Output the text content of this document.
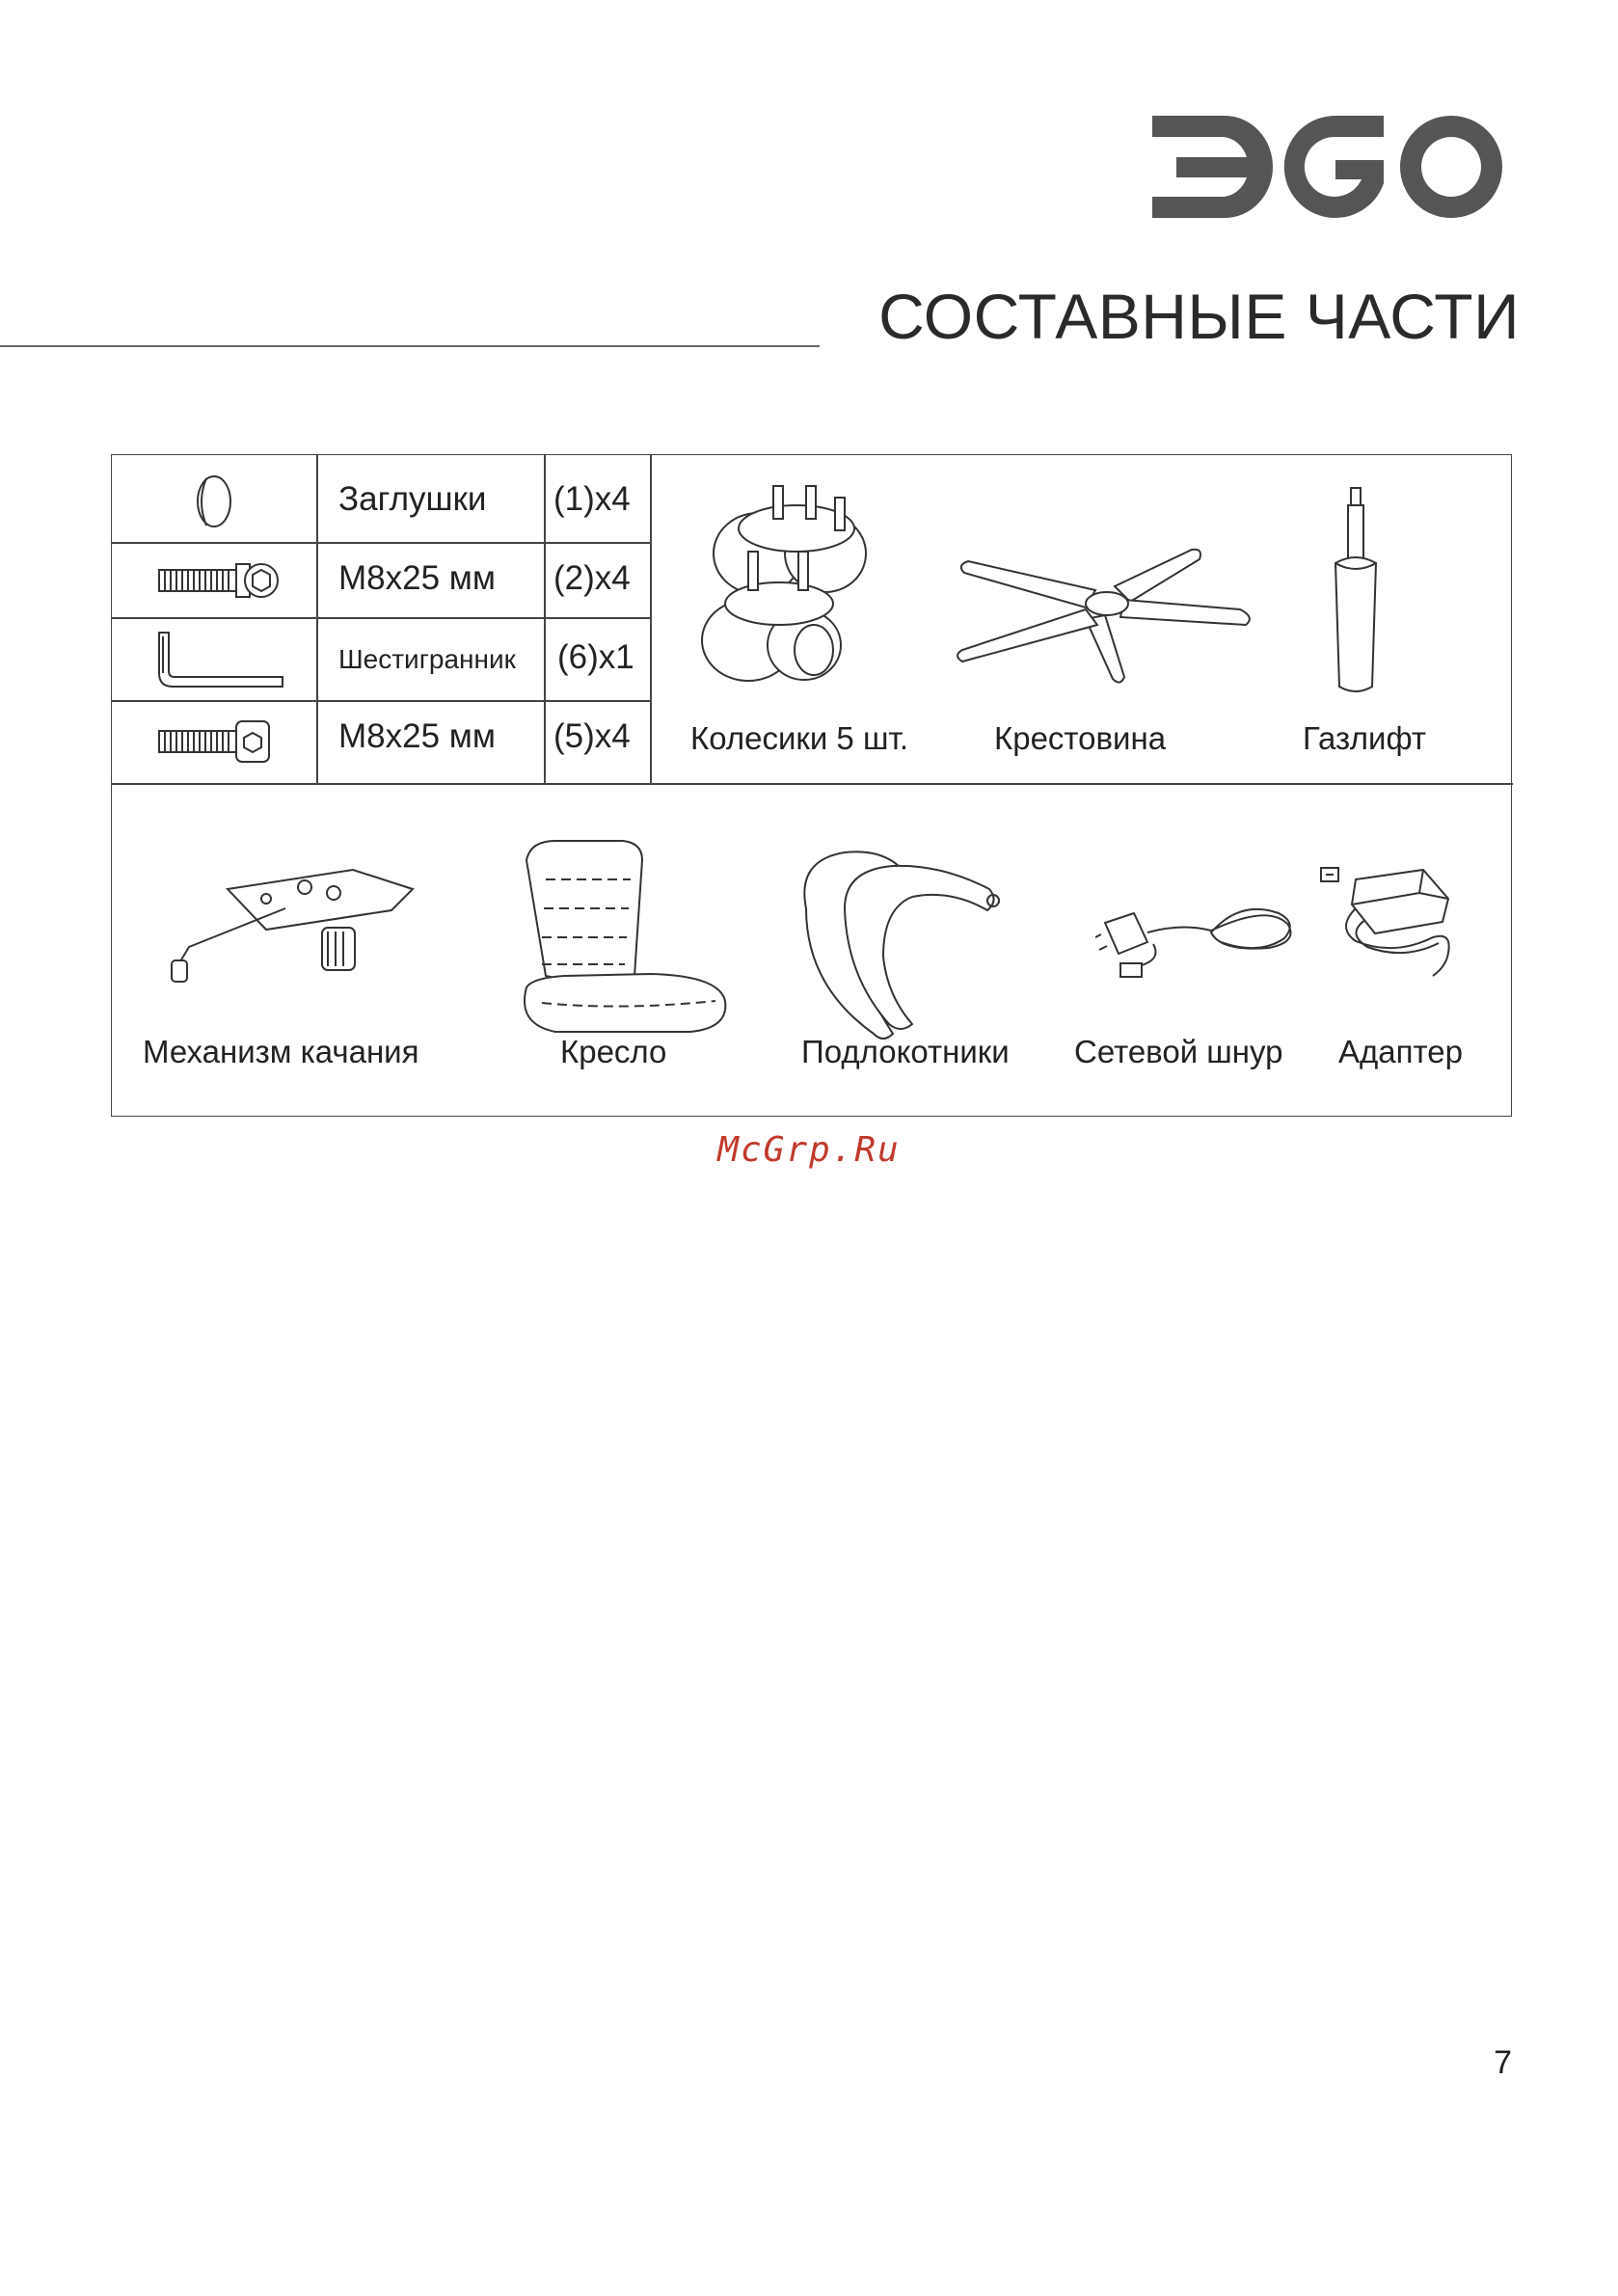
СОСТАВНЫЕ ЧАСТИ
Заглушки (1)x4
M8x25 мм (2)x4
Шестигранник (6)x1
M8x25 мм (5)x4 Колесики 5 шт.	Крестовина	Газлифт
Механизм качания	Кресло	Подлокотники	Сетевой шнур	Адаптер
McGrp.Ru
7
